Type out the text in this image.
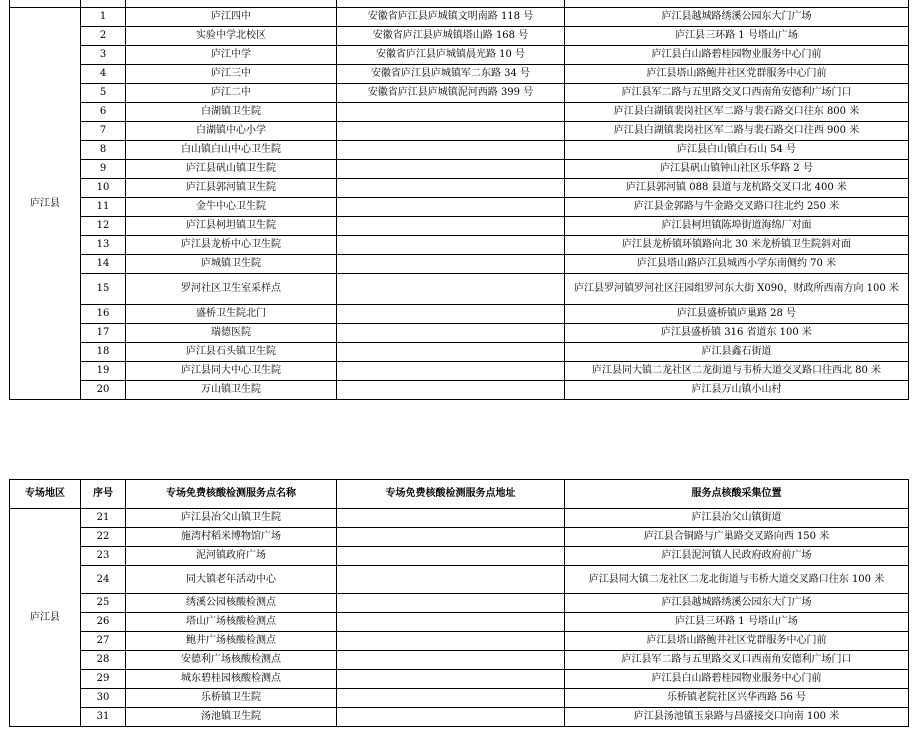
庐江县	1	庐江四中	安徽省庐江县庐城镇文明南路 118 号	庐江县越城路绣溪公园东大门广场
	2	实验中学北校区	安徽省庐江县庐城镇塔山路 168 号	庐江县三环路 1 号塔山广场
	3	庐江中学	安徽省庐江县庐城镇晨光路 10 号	庐江县白山路碧桂园物业服务中心门前
	4	庐江三中	安徽省庐江县庐城镇军二东路 34 号	庐江县塔山路鲍井社区党群服务中心门前
	5	庐江二中	安徽省庐江县庐城镇泥河西路 399 号	庐江县军二路与五里路交叉口西南角安德利广场门口
	6	白湖镇卫生院		庐江县白湖镇裴岗社区军二路与裴石路交口往东 800 米
	7	白湖镇中心小学		庐江县白湖镇裴岗社区军二路与裴石路交口往西 900 米
	8	白山镇白山中心卫生院		庐江县白山镇白石山 54 号
	9	庐江县矾山镇卫生院		庐江县矾山镇钟山社区乐华路 2 号
	10	庐江县郭河镇卫生院		庐江县郭河镇 088 县道与龙杭路交叉口北 400 米
	11	金牛中心卫生院		庐江县金郭路与牛金路交叉路口往北约 250 米
	12	庐江县柯坦镇卫生院		庐江县柯坦镇陈埠街道海绵厂对面
	13	庐江县龙桥中心卫生院		庐江县龙桥镇环镇路向北 30 米龙桥镇卫生院斜对面
	14	庐城镇卫生院		庐江县塔山路庐江县城西小学东南侧约 70 米
	15	罗河社区卫生室采样点		庐江县罗河镇罗河社区汪园组罗河东大街 X090，财政所西南方向 100 米
	16	盛桥卫生院北门		庐江县盛桥镇庐巢路 28 号
	17	瑞德医院		庐江县盛桥镇 316 省道东 100 米
	18	庐江县石头镇卫生院		庐江县鑫石街道
	19	庐江县同大中心卫生院		庐江县同大镇二龙社区二龙街道与韦桥大道交叉路口往西北 80 米
	20	万山镇卫生院		庐江县万山镇小山村
专场地区	序号	专场免费核酸检测服务点名称	专场免费核酸检测服务点地址	服务点核酸采集位置
庐江县	21	庐江县冶父山镇卫生院		庐江县冶父山镇街道
	22	施湾村稻米博物馆广场		庐江县合铜路与广巢路交叉路向西 150 米
	23	泥河镇政府广场		庐江县泥河镇人民政府政府前广场
	24	同大镇老年活动中心		庐江县同大镇二龙社区二龙北街道与韦桥大道交叉路口往东 100 米
	25	绣溪公园核酸检测点		庐江县越城路绣溪公园东大门广场
	26	塔山广场核酸检测点		庐江县三环路 1 号塔山广场
	27	鲍井广场核酸检测点		庐江县塔山路鲍井社区党群服务中心门前
	28	安德利广场核酸检测点		庐江县军二路与五里路交叉口西南角安德利广场门口
	29	城东碧桂园核酸检测点		庐江县白山路碧桂园物业服务中心门前
	30	乐桥镇卫生院		乐桥镇老院社区兴华西路 56 号
	31	汤池镇卫生院		庐江县汤池镇玉泉路与昌盛接交口向南 100 米
